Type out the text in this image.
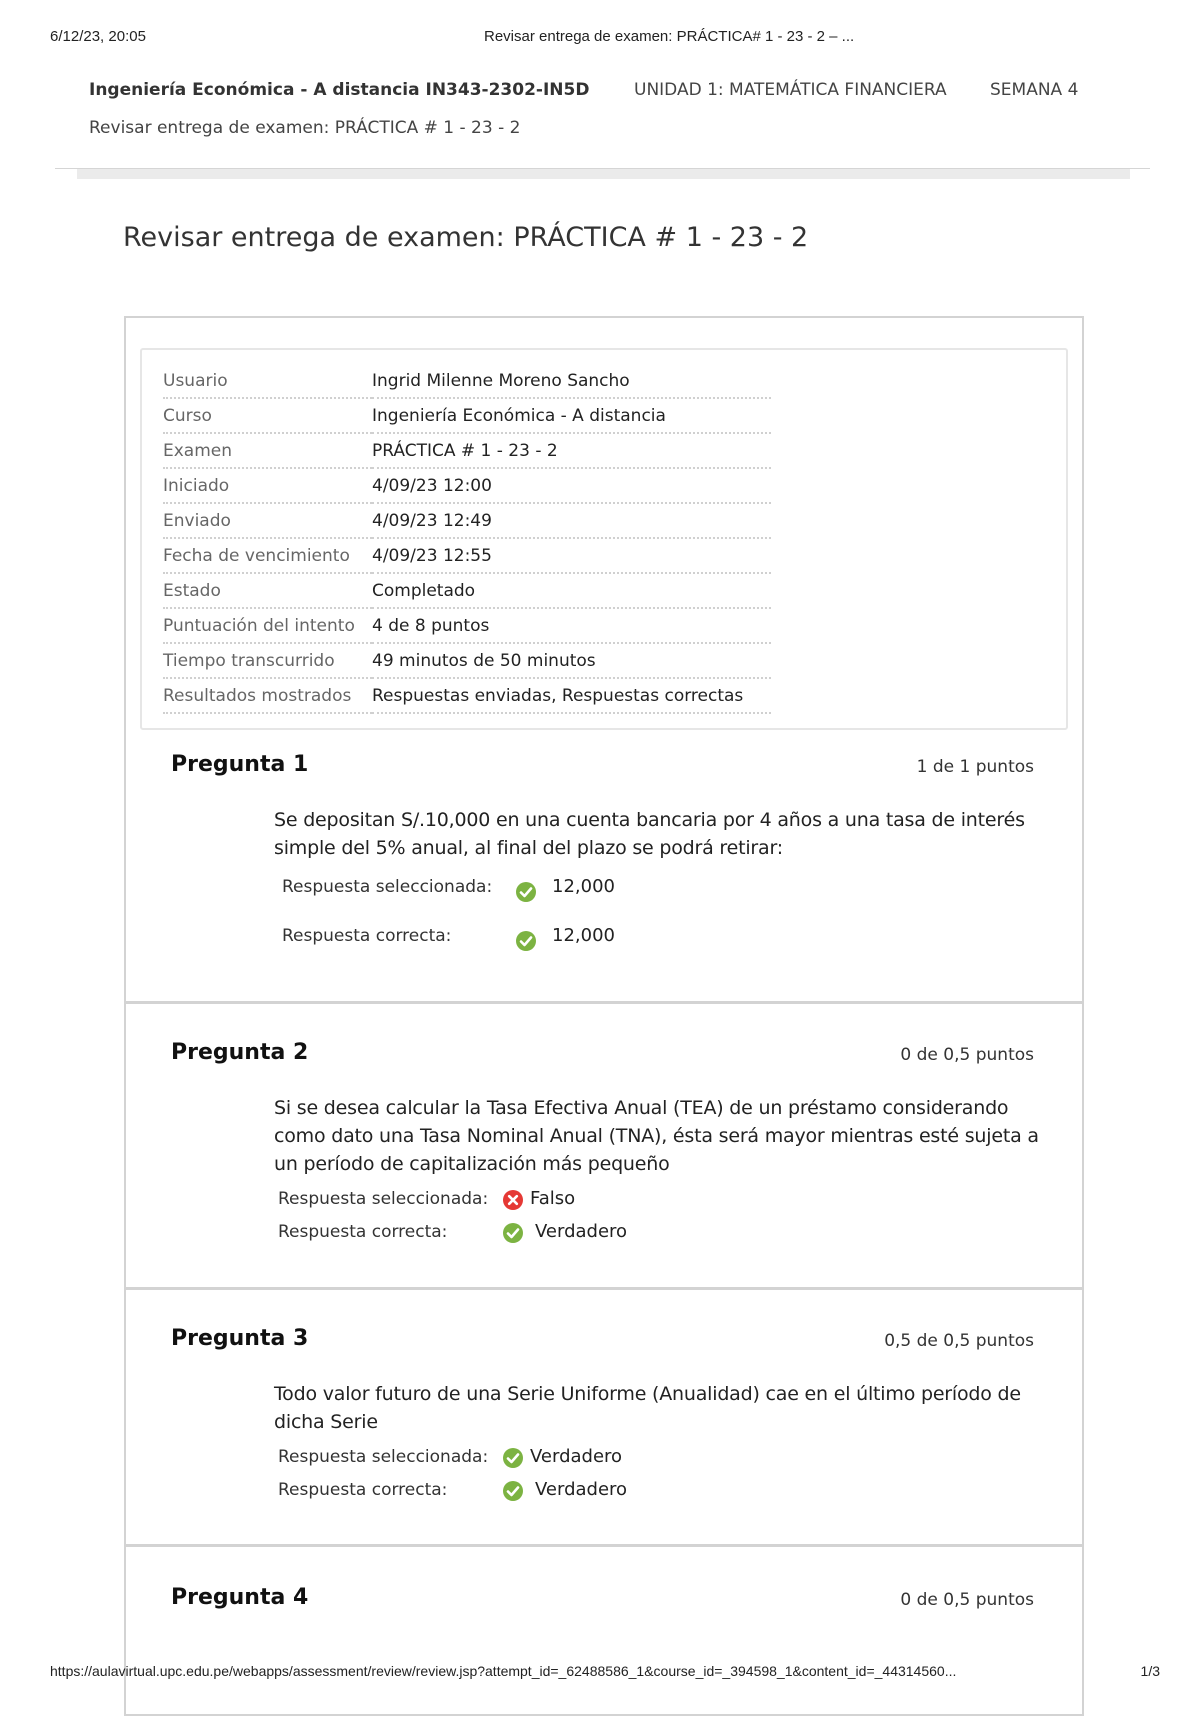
6/12/23, 20:05	Revisar entrega de examen: PRÁCTICA# 1 - 23 - 2 – ...
Ingeniería Económica - A distancia IN343-2302-IN5D	UNIDAD 1: MATEMÁTICA FINANCIERA	SEMANA 4
Revisar entrega de examen: PRÁCTICA # 1 - 23 - 2
Revisar entrega de examen: PRÁCTICA # 1 - 23 - 2
Usuario	Ingrid Milenne Moreno Sancho
Curso	Ingeniería Económica - A distancia
Examen	PRÁCTICA # 1 - 23 - 2
Iniciado	4/09/23 12:00
Enviado	4/09/23 12:49
Fecha de vencimiento	4/09/23 12:55
Estado	Completado
Puntuación del intento	4 de 8 puntos
Tiempo transcurrido	49 minutos de 50 minutos
Resultados mostrados	Respuestas enviadas, Respuestas correctas
Pregunta 1	1 de 1 puntos
Se depositan S/.10,000 en una cuenta bancaria por 4 años a una tasa de interés simple del 5% anual, al final del plazo se podrá retirar:
Respuesta seleccionada:	12,000
Respuesta correcta:	12,000
Pregunta 2	0 de 0,5 puntos
Si se desea calcular la Tasa Efectiva Anual (TEA) de un préstamo considerando como dato una Tasa Nominal Anual (TNA), ésta será mayor mientras esté sujeta a un período de capitalización más pequeño
Respuesta seleccionada: Falso
Respuesta correcta:	Verdadero
Pregunta 3	0,5 de 0,5 puntos
Todo valor futuro de una Serie Uniforme (Anualidad) cae en el último período de dicha Serie
Respuesta seleccionada: Verdadero
Respuesta correcta:	Verdadero
Pregunta 4	0 de 0,5 puntos
https://aulavirtual.upc.edu.pe/webapps/assessment/review/review.jsp?attempt_id=_62488586_1&course_id=_394598_1&content_id=_44314560...	1/3
